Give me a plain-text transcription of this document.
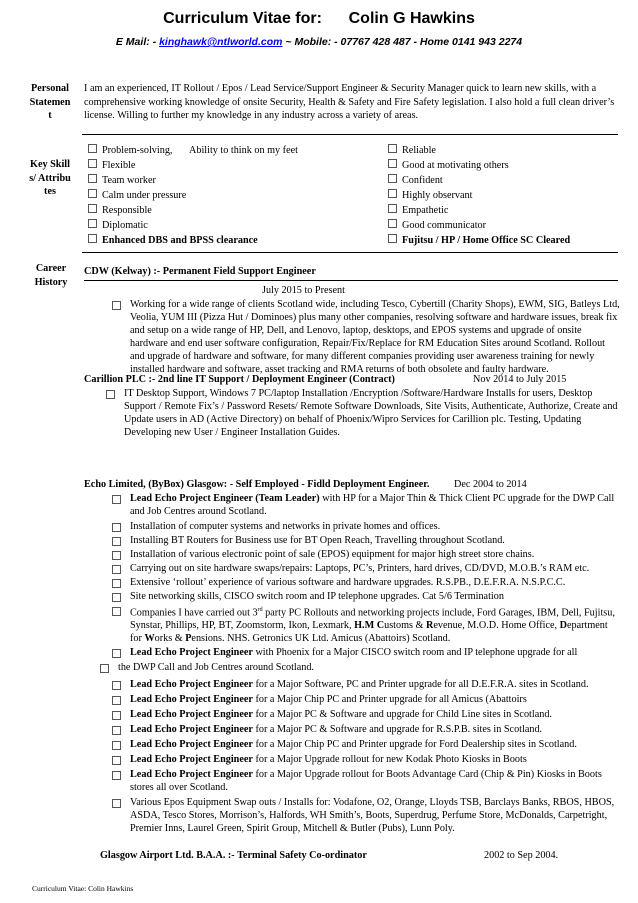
Curriculum Vitae for: Colin G Hawkins
E Mail: - kinghawk@ntlworld.com ~ Mobile: - 07767 428 487 - Home 0141 943 2274
Personal Statement
I am an experienced, IT Rollout / Epos / Lead Service/Support Engineer & Security Manager quick to learn new skills, with a comprehensive working knowledge of onsite Security, Health & Safety and Fire Safety legislation. I also hold a full clean driver’s license. Willing to further my knowledge in any industry across a variety of areas.
Key Skills/ Attributes
Problem-solving, Ability to think on my feet
Flexible
Team worker
Calm under pressure
Responsible
Diplomatic
Enhanced DBS and BPSS clearance
Reliable
Good at motivating others
Confident
Highly observant
Empathetic
Good communicator
Fujitsu / HP / Home Office SC Cleared
Career History
CDW (Kelway) :- Permanent Field Support Engineer
July 2015 to Present
Working for a wide range of clients Scotland wide, including Tesco, Cybertill (Charity Shops), EWM, SIG, Batleys Ltd, Veolia, YUM III (Pizza Hut / Dominoes) plus many other companies, resolving software and hardware issues, break fix and setup on a wide range of HP, Dell, and Lenovo, laptop, desktops, and EPOS systems and upgrade of onsite hardware and end user software configuration, Repair/Fix/Replace for RM Education Sites around Scotland. Rollout and upgrade of hardware and software, for many different companies providing user awareness training for newly installed hardware and software, asset tracking and RMA returns of both obsolete and faulty hardware.
Carillion PLC :- 2nd line IT Support / Deployment Engineer (Contract)	Nov 2014 to July 2015
IT Desktop Support, Windows 7 PC/laptop Installation /Encryption /Software/Hardware Installs for users, Desktop Support / Remote Fix’s / Password Resets/ Remote Software Downloads, Site Visits, Authenticate, Authorize, Create and Update users in AD (Active Directory) on behalf of Phoenix/Wipro Services for Carillion plc. Testing, Updating Developing new User / Engineer Installation Guides.
Echo Limited, (ByBox) Glasgow: - Self Employed - Fidld Deployment Engineer. Dec 2004 to 2014
Lead Echo Project Engineer (Team Leader) with HP for a Major Thin & Thick Client PC upgrade for the DWP Call and Job Centres around Scotland.
Installation of computer systems and networks in private homes and offices.
Installing BT Routers for Business use for BT Open Reach, Travelling throughout Scotland.
Installation of various electronic point of sale (EPOS) equipment for major high street store chains.
Carrying out on site hardware swaps/repairs: Laptops, PC’s, Printers, hard drives, CD/DVD, M.O.B.’s RAM etc.
Extensive ‘rollout’ experience of various software and hardware upgrades. R.S.PB., D.E.F.R.A. N.S.P.C.C.
Site networking skills, CISCO switch room and IP telephone upgrades. Cat 5/6 Termination
Companies I have carried out 3rd party PC Rollouts and networking projects include, Ford Garages, IBM, Dell, Fujitsu, Synstar, Phillips, HP, BT, Zoomstorm, Ikon, Lexmark, H.M Customs & Revenue, M.O.D. Home Office, Department for Works & Pensions. NHS. Getronics UK Ltd. Amicus (Abattoirs) Scotland.
Lead Echo Project Engineer with Phoenix for a Major CISCO switch room and IP telephone upgrade for all
the DWP Call and Job Centres around Scotland.
Lead Echo Project Engineer for a Major Software, PC and Printer upgrade for all D.E.F.R.A. sites in Scotland.
Lead Echo Project Engineer for a Major Chip PC and Printer upgrade for all Amicus (Abattoirs
Lead Echo Project Engineer for a Major PC & Software and upgrade for Child Line sites in Scotland.
Lead Echo Project Engineer for a Major PC & Software and upgrade for R.S.P.B. sites in Scotland.
Lead Echo Project Engineer for a Major Chip PC and Printer upgrade for Ford Dealership sites in Scotland.
Lead Echo Project Engineer for a Major Upgrade rollout for new Kodak Photo Kiosks in Boots
Lead Echo Project Engineer for a Major Upgrade rollout for Boots Advantage Card (Chip & Pin) Kiosks in Boots stores all over Scotland.
Various Epos Equipment Swap outs / Installs for: Vodafone, O2, Orange, Lloyds TSB, Barclays Banks, RBOS, HBOS, ASDA, Tesco Stores, Morrison’s, Halfords, WH Smith’s, Boots, Superdrug, Perfume Store, McDonalds, Carpetright, Premier Inns, Laurel Green, Spirit Group, Mitchell & Butler (Pubs), Lunn Poly.
Glasgow Airport Ltd. B.A.A. :- Terminal Safety Co-ordinator	2002 to Sep 2004.
Curriculum Vitae: Colin Hawkins
